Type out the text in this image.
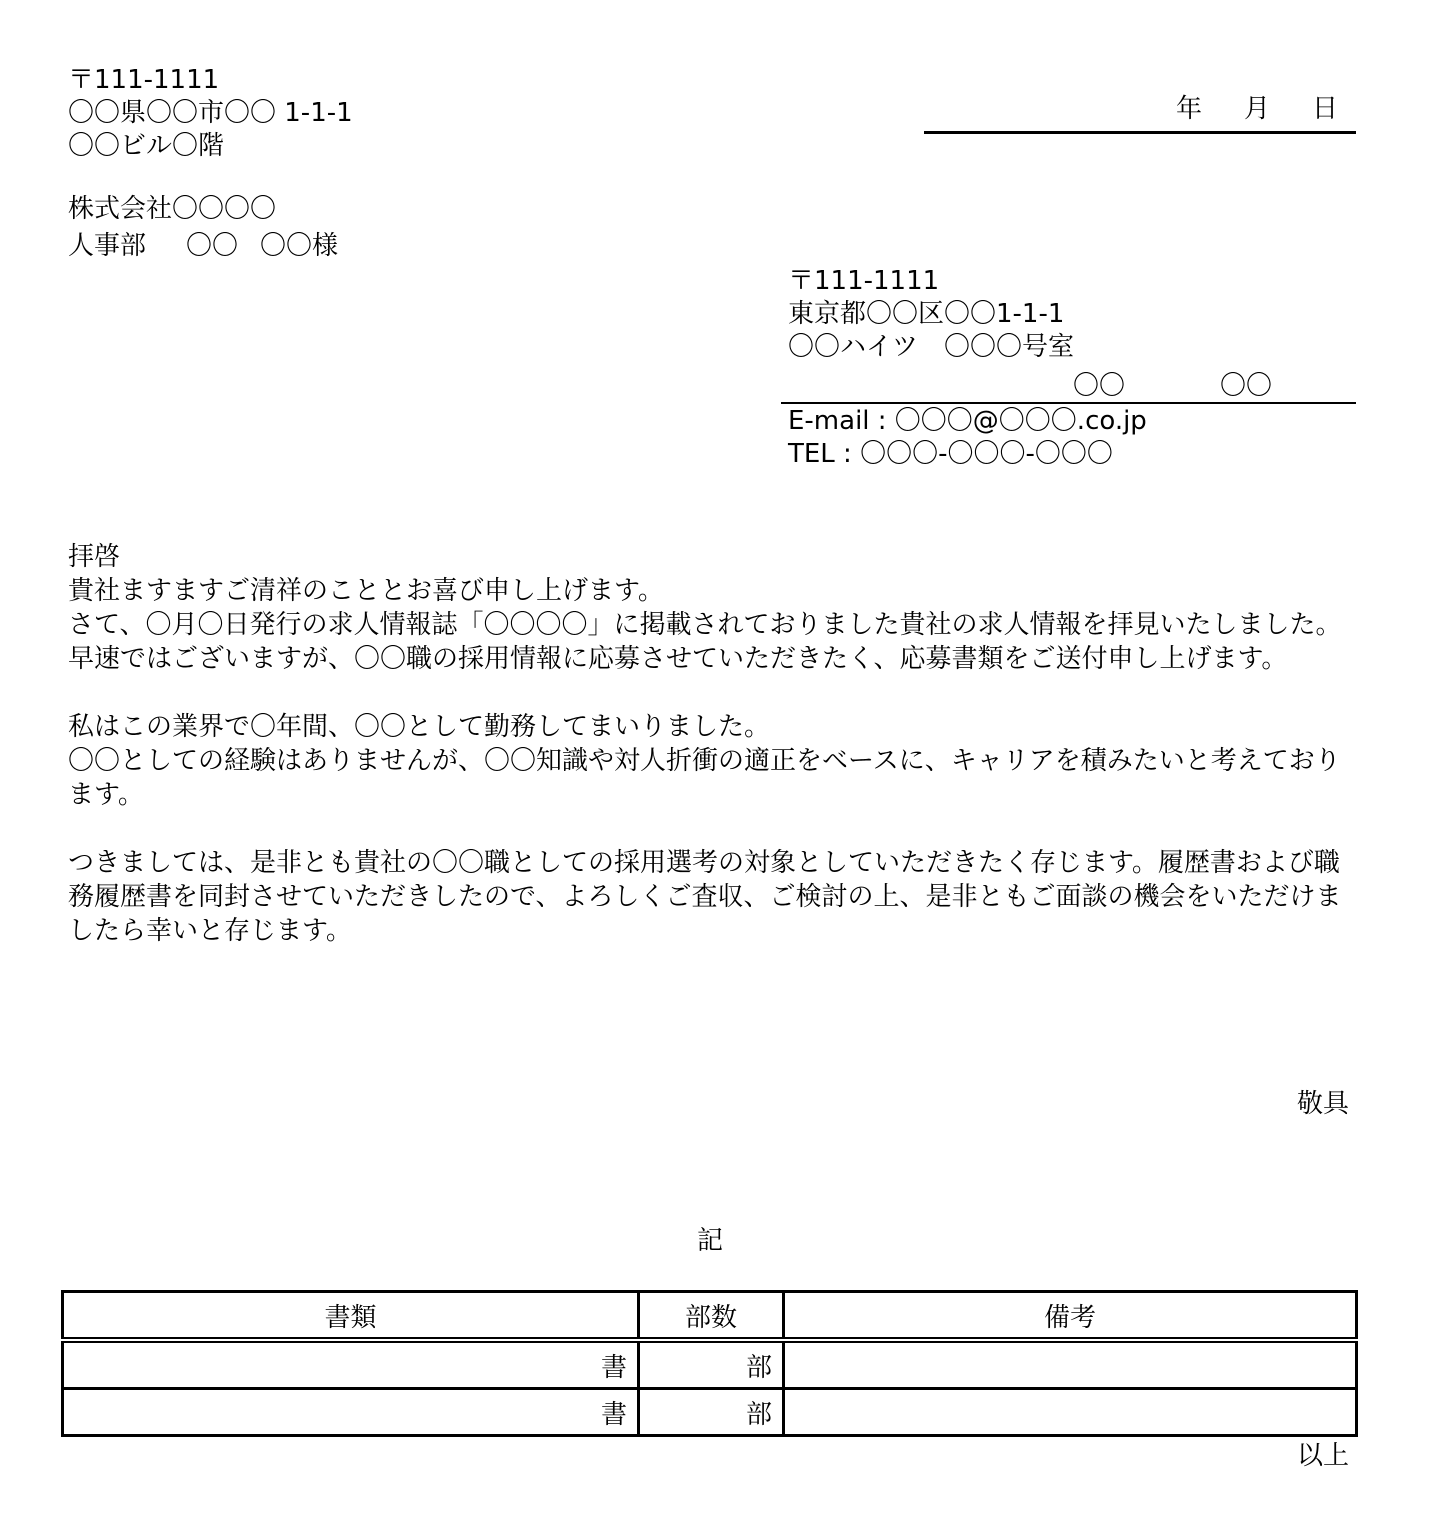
〒111-1111
〇〇県〇〇市〇〇 1-1-1
〇〇ビル〇階
株式会社〇〇〇〇
人事部 〇〇 〇〇様
年 月 日
〒111-1111
東京都〇〇区〇〇1-1-1
〇〇ハイツ　〇〇〇号室
〇〇	〇〇
E-mail : 〇〇〇@〇〇〇.co.jp
TEL : 〇〇〇-〇〇〇-〇〇〇

拝啓

貴社ますますご清祥のこととお喜び申し上げます。

さて、〇月〇日発行の求人情報誌「〇〇〇〇」に掲載されておりました貴社の求人情報を拝見いたしました。早速ではございますが、〇〇職の採用情報に応募させていただきたく、応募書類をご送付申し上げます。

私はこの業界で〇年間、〇〇として勤務してまいりました。

〇〇としての経験はありませんが、〇〇知識や対人折衝の適正をベースに、キャリアを積みたいと考えております。

つきましては、是非とも貴社の〇〇職としての採用選考の対象としていただきたく存じます。履歴書および職務履歴書を同封させていただきしたので、よろしくご査収、ご検討の上、是非ともご面談の機会をいただけましたら幸いと存じます。

敬具
記
書類	部数	備考
書	部	
書	部	
以上
